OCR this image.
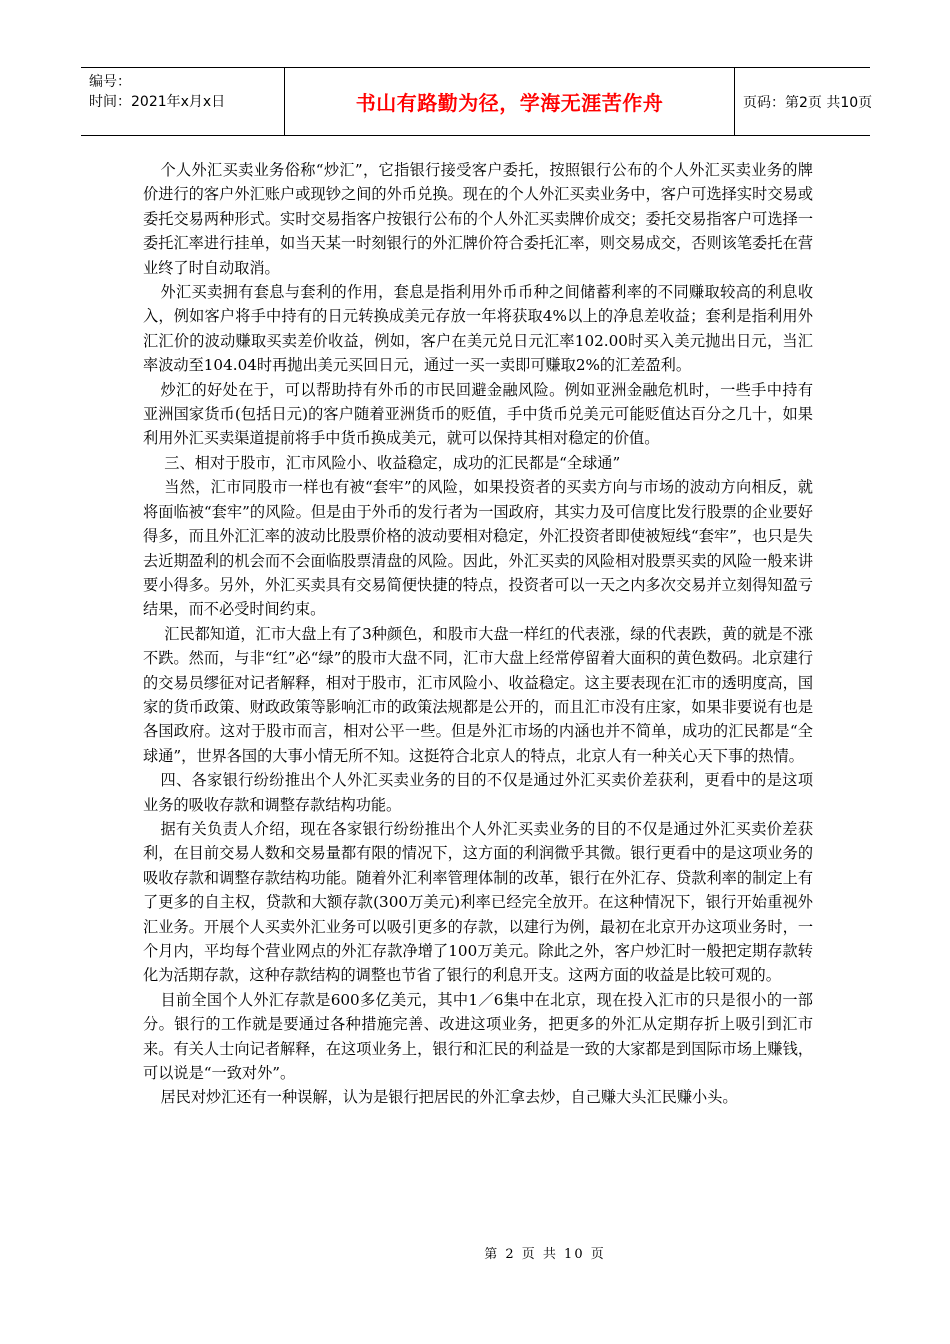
编号：
时间：2021年x月x日	书山有路勤为径，学海无涯苦作舟	页码：第2页 共10页

个人外汇买卖业务俗称“炒汇”，它指银行接受客户委托，按照银行公布的个人外汇买卖业务的牌价进行的客户外汇账户或现钞之间的外币兑换。现在的个人外汇买卖业务中，客户可选择实时交易或委托交易两种形式。实时交易指客户按银行公布的个人外汇买卖牌价成交；委托交易指客户可选择一委托汇率进行挂单，如当天某一时刻银行的外汇牌价符合委托汇率，则交易成交，否则该笔委托在营业终了时自动取消。

外汇买卖拥有套息与套利的作用，套息是指利用外币币种之间储蓄利率的不同赚取较高的利息收入，例如客户将手中持有的日元转换成美元存放一年将获取4%以上的净息差收益；套利是指利用外汇汇价的波动赚取买卖差价收益，例如，客户在美元兑日元汇率102.00时买入美元抛出日元，当汇率波动至104.04时再抛出美元买回日元，通过一买一卖即可赚取2%的汇差盈利。

炒汇的好处在于，可以帮助持有外币的市民回避金融风险。例如亚洲金融危机时，一些手中持有亚洲国家货币(包括日元)的客户随着亚洲货币的贬值，手中货币兑美元可能贬值达百分之几十，如果利用外汇买卖渠道提前将手中货币换成美元，就可以保持其相对稳定的价值。

三、相对于股市，汇市风险小、收益稳定，成功的汇民都是“全球通”

当然，汇市同股市一样也有被“套牢”的风险，如果投资者的买卖方向与市场的波动方向相反，就将面临被“套牢”的风险。但是由于外币的发行者为一国政府，其实力及可信度比发行股票的企业要好得多，而且外汇汇率的波动比股票价格的波动要相对稳定，外汇投资者即使被短线“套牢”，也只是失去近期盈利的机会而不会面临股票清盘的风险。因此，外汇买卖的风险相对股票买卖的风险一般来讲要小得多。另外，外汇买卖具有交易简便快捷的特点，投资者可以一天之内多次交易并立刻得知盈亏结果，而不必受时间约束。

汇民都知道，汇市大盘上有了3种颜色，和股市大盘一样红的代表涨，绿的代表跌，黄的就是不涨不跌。然而，与非“红”必“绿”的股市大盘不同，汇市大盘上经常停留着大面积的黄色数码。北京建行的交易员缪征对记者解释，相对于股市，汇市风险小、收益稳定。这主要表现在汇市的透明度高，国家的货币政策、财政政策等影响汇市的政策法规都是公开的，而且汇市没有庄家，如果非要说有也是各国政府。这对于股市而言，相对公平一些。但是外汇市场的内涵也并不简单，成功的汇民都是“全球通”，世界各国的大事小情无所不知。这挺符合北京人的特点，北京人有一种关心天下事的热情。

四、各家银行纷纷推出个人外汇买卖业务的目的不仅是通过外汇买卖价差获利，更看中的是这项业务的吸收存款和调整存款结构功能。

据有关负责人介绍，现在各家银行纷纷推出个人外汇买卖业务的目的不仅是通过外汇买卖价差获利，在目前交易人数和交易量都有限的情况下，这方面的利润微乎其微。银行更看中的是这项业务的吸收存款和调整存款结构功能。随着外汇利率管理体制的改革，银行在外汇存、贷款利率的制定上有了更多的自主权，贷款和大额存款(300万美元)利率已经完全放开。在这种情况下，银行开始重视外汇业务。开展个人买卖外汇业务可以吸引更多的存款，以建行为例，最初在北京开办这项业务时，一个月内，平均每个营业网点的外汇存款净增了100万美元。除此之外，客户炒汇时一般把定期存款转化为活期存款，这种存款结构的调整也节省了银行的利息开支。这两方面的收益是比较可观的。

目前全国个人外汇存款是600多亿美元，其中1／6集中在北京，现在投入汇市的只是很小的一部分。银行的工作就是要通过各种措施完善、改进这项业务，把更多的外汇从定期存折上吸引到汇市来。有关人士向记者解释，在这项业务上，银行和汇民的利益是一致的大家都是到国际市场上赚钱，可以说是“一致对外”。

居民对炒汇还有一种误解，认为是银行把居民的外汇拿去炒，自己赚大头汇民赚小头。

第 2 页 共 10 页
